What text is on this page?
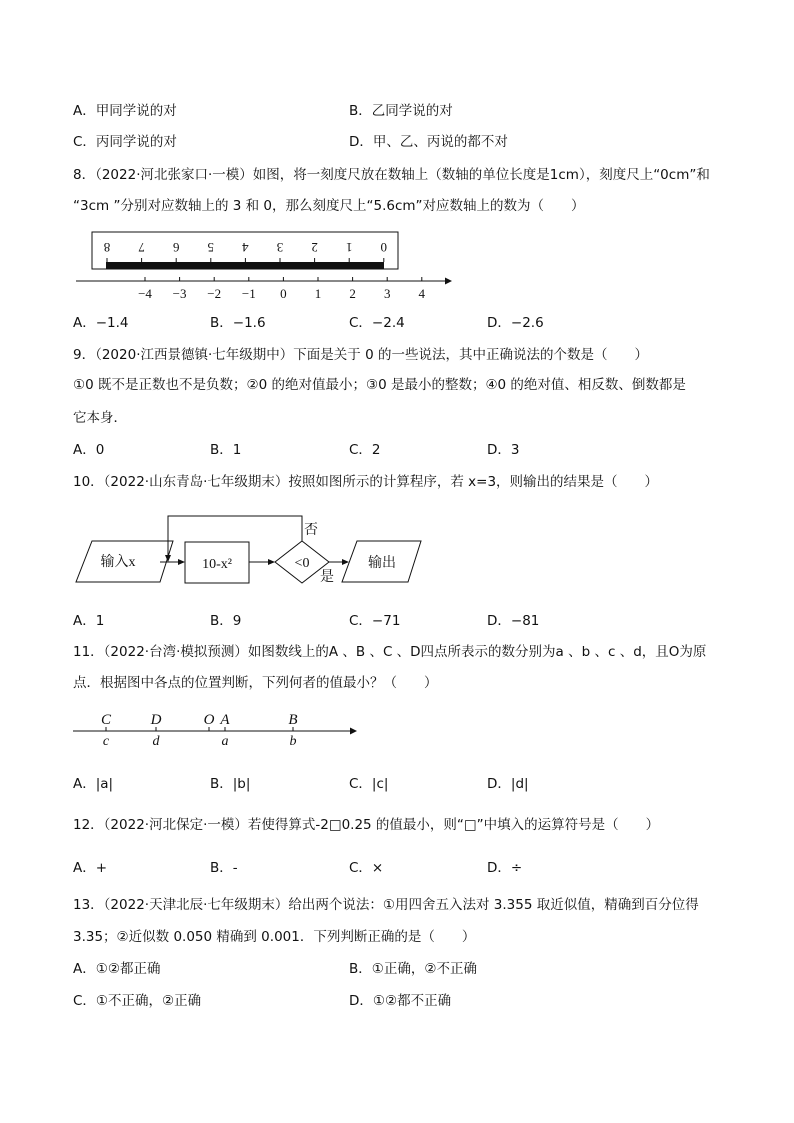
A．甲同学说的对	B．乙同学说的对
C．丙同学说的对	D．甲、乙、丙说的都不对
8．（2022·河北张家口·一模）如图，将一刻度尺放在数轴上（数轴的单位长度是1cm），刻度尺上“0cm”和
“3cm ”分别对应数轴上的 3 和 0，那么刻度尺上“5.6cm”对应数轴上的数为（　　）
8 7 6 5 4 3 2 1 0
−4 −3 −2 −1 0 1 2 3 4
A．−1.4	B．−1.6	C．−2.4	D．−2.6
9．（2020·江西景德镇·七年级期中）下面是关于 0 的一些说法，其中正确说法的个数是（　　）
①0 既不是正数也不是负数；②0 的绝对值最小；③0 是最小的整数；④0 的绝对值、相反数、倒数都是
它本身．
A．0	B．1	C．2	D．3
10．（2022·山东青岛·七年级期末）按照如图所示的计算程序，若 x=3，则输出的结果是（　　）
输入x	10-x²	<0
否
是
输出
A．1	B．9	C．−71	D．−81
11．（2022·台湾·模拟预测）如图数线上的A 、B 、C 、D四点所表示的数分别为a 、b 、c 、d，且O为原
点．根据图中各点的位置判断，下列何者的值最小？（　　）
C	D	O A	B
c	d	a	b
A．|a|	B．|b|	C．|c|	D．|d|
12．（2022·河北保定·一模）若使得算式-2□0.25 的值最小，则“□”中填入的运算符号是（　　）
A．+	B．-	C．×	D．÷
13．（2022·天津北辰·七年级期末）给出两个说法：①用四舍五入法对 3.355 取近似值，精确到百分位得
3.35；②近似数 0.050 精确到 0.001．下列判断正确的是（　　）
A．①②都正确	B．①正确，②不正确
C．①不正确，②正确	D．①②都不正确
